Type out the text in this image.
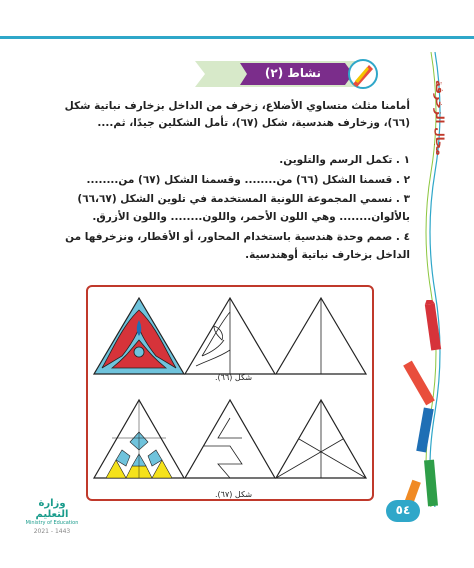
مجال الزخرفة
نشاط (٢)
أمامنا مثلث متساوي الأضلاع، زخرف من الداخل بزخارف نباتية شكل (٦٦)، وزخارف هندسية، شكل (٦٧)، تأمل الشكلين جيدًا، ثم....
١ . تكمل الرسم والتلوين.
٢ . قسمنا الشكل (٦٦) من........ وقسمنا الشكل (٦٧) من........
٣ . نسمي المجموعة اللونية المستخدمة في تلوين الشكل (٦٦،٦٧)
بالألوان........ وهي اللون الأحمر، واللون........ واللون الأزرق.
٤ . صمم وحدة هندسية باستخدام المحاور، أو الأقطار، ونزخرفها من
الداخل بزخارف نباتية أوهندسية.
شكل (٦٦).
شكل (٦٧).
٥٤
وزارة التعليم
Ministry of Education
2021 - 1443
